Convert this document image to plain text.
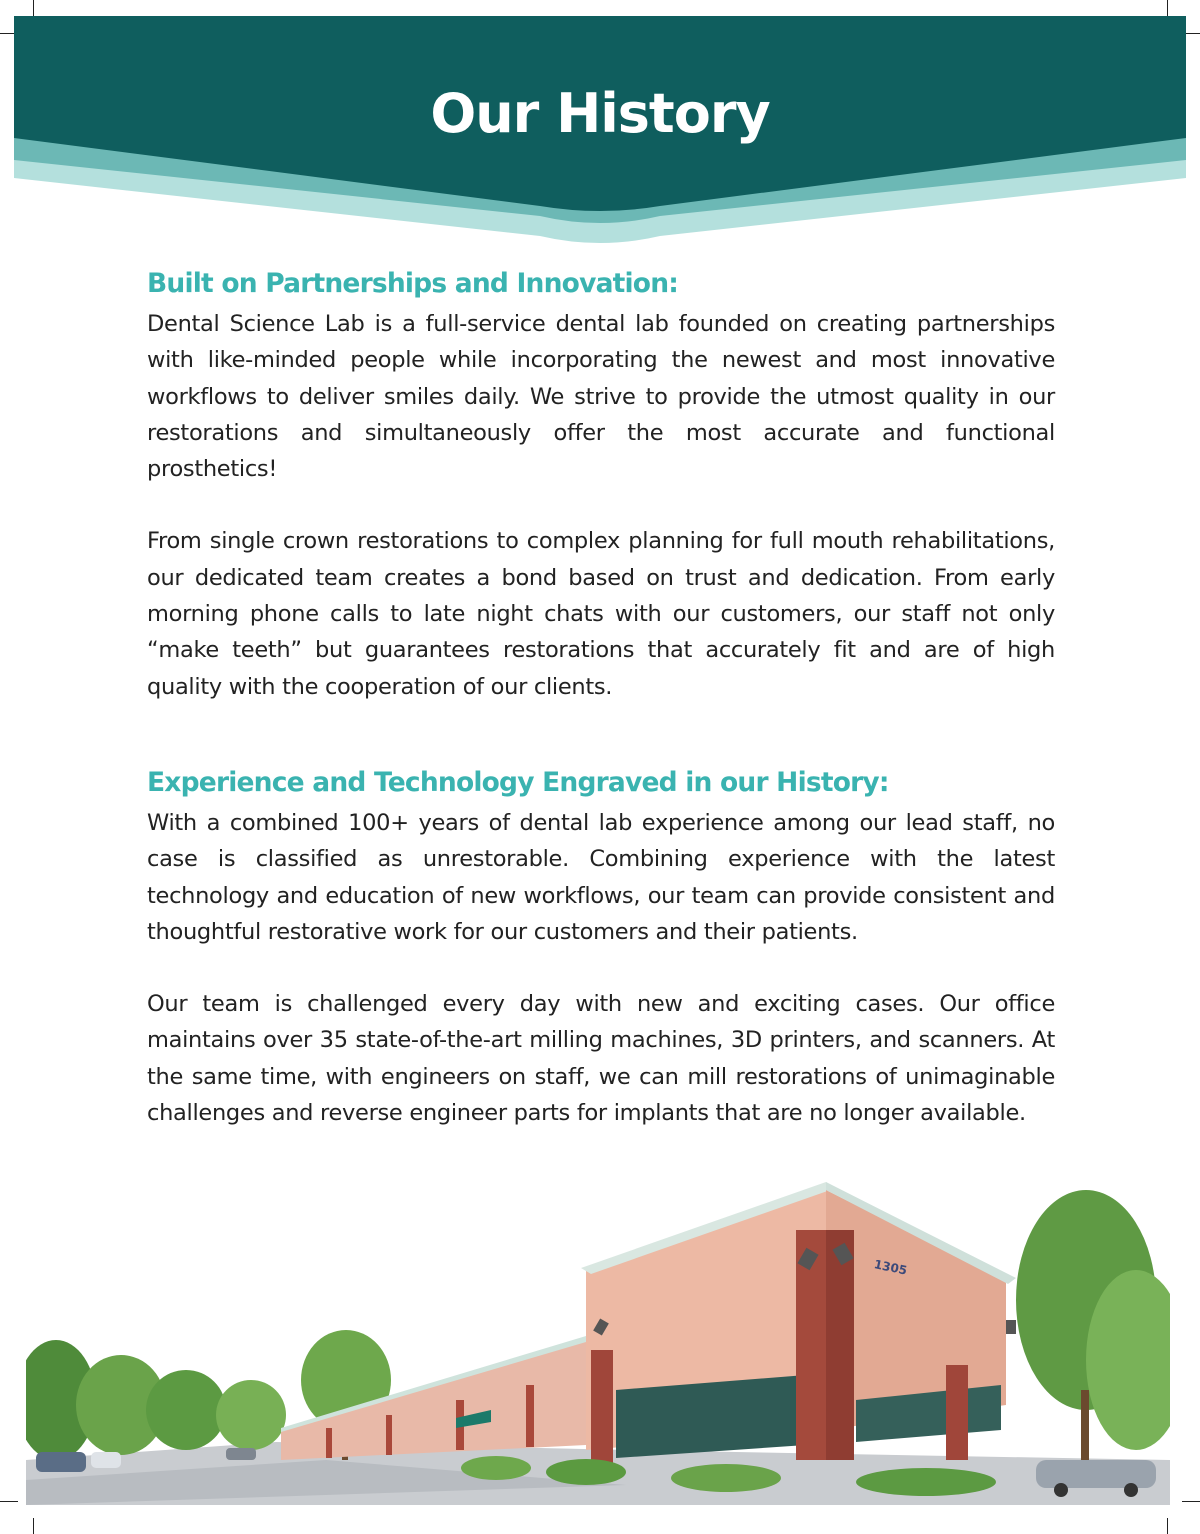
Our History
Built on Partnerships and Innovation:

Dental Science Lab is a full-service dental lab founded on creating partnerships with like-minded people while incorporating the newest and most innovative workflows to deliver smiles daily. We strive to provide the utmost quality in our restorations and simultaneously offer the most accurate and functional prosthetics!

From single crown restorations to complex planning for full mouth rehabilitations, our dedicated team creates a bond based on trust and dedication. From early morning phone calls to late night chats with our customers, our staff not only “make teeth” but guarantees restorations that accurately fit and are of high quality with the cooperation of our clients.

Experience and Technology Engraved in our History:

With a combined 100+ years of dental lab experience among our lead staff, no case is classified as unrestorable. Combining experience with the latest technology and education of new workflows, our team can provide consistent and thoughtful restorative work for our customers and their patients.

Our team is challenged every day with new and exciting cases. Our office maintains over 35 state-of-the-art milling machines, 3D printers, and scanners. At the same time, with engineers on staff, we can mill restorations of unimaginable challenges and reverse engineer parts for implants that are no longer available.

1305
